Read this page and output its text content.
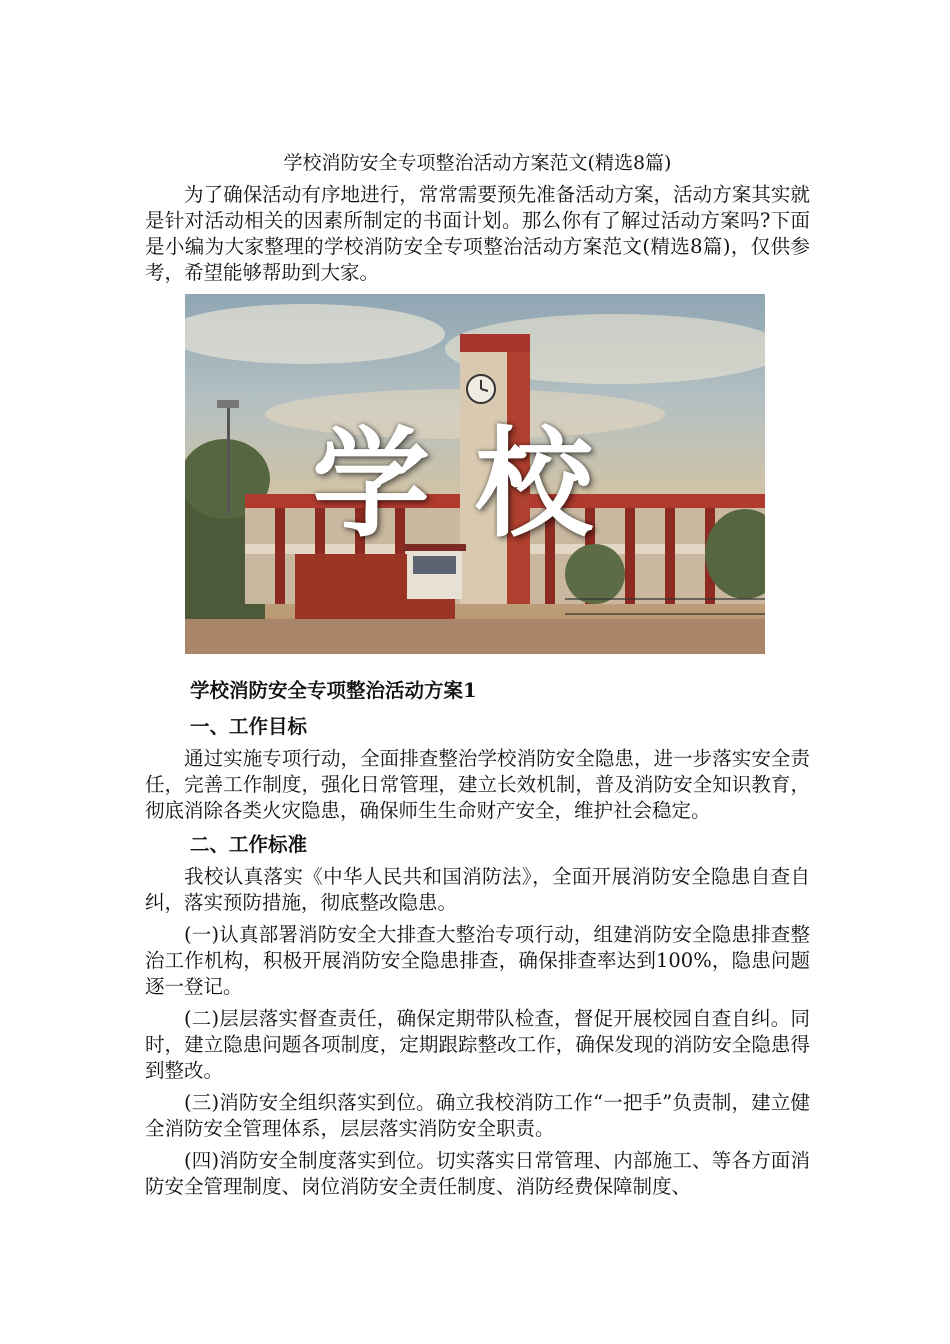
学校消防安全专项整治活动方案范文(精选8篇)

为了确保活动有序地进行，常常需要预先准备活动方案，活动方案其实就是针对活动相关的因素所制定的书面计划。那么你有了解过活动方案吗?下面是小编为大家整理的学校消防安全专项整治活动方案范文(精选8篇)，仅供参考，希望能够帮助到大家。

学校
学校消防安全专项整治活动方案1
一、工作目标

通过实施专项行动，全面排查整治学校消防安全隐患，进一步落实安全责任，完善工作制度，强化日常管理，建立长效机制，普及消防安全知识教育，彻底消除各类火灾隐患，确保师生生命财产安全，维护社会稳定。

二、工作标准

我校认真落实《中华人民共和国消防法》，全面开展消防安全隐患自查自纠，落实预防措施，彻底整改隐患。

(一)认真部署消防安全大排查大整治专项行动，组建消防安全隐患排查整治工作机构，积极开展消防安全隐患排查，确保排查率达到100%，隐患问题逐一登记。

(二)层层落实督查责任，确保定期带队检查，督促开展校园自查自纠。同时，建立隐患问题各项制度，定期跟踪整改工作，确保发现的消防安全隐患得到整改。

(三)消防安全组织落实到位。确立我校消防工作“一把手”负责制，建立健全消防安全管理体系，层层落实消防安全职责。

(四)消防安全制度落实到位。切实落实日常管理、内部施工、等各方面消防安全管理制度、岗位消防安全责任制度、消防经费保障制度、
